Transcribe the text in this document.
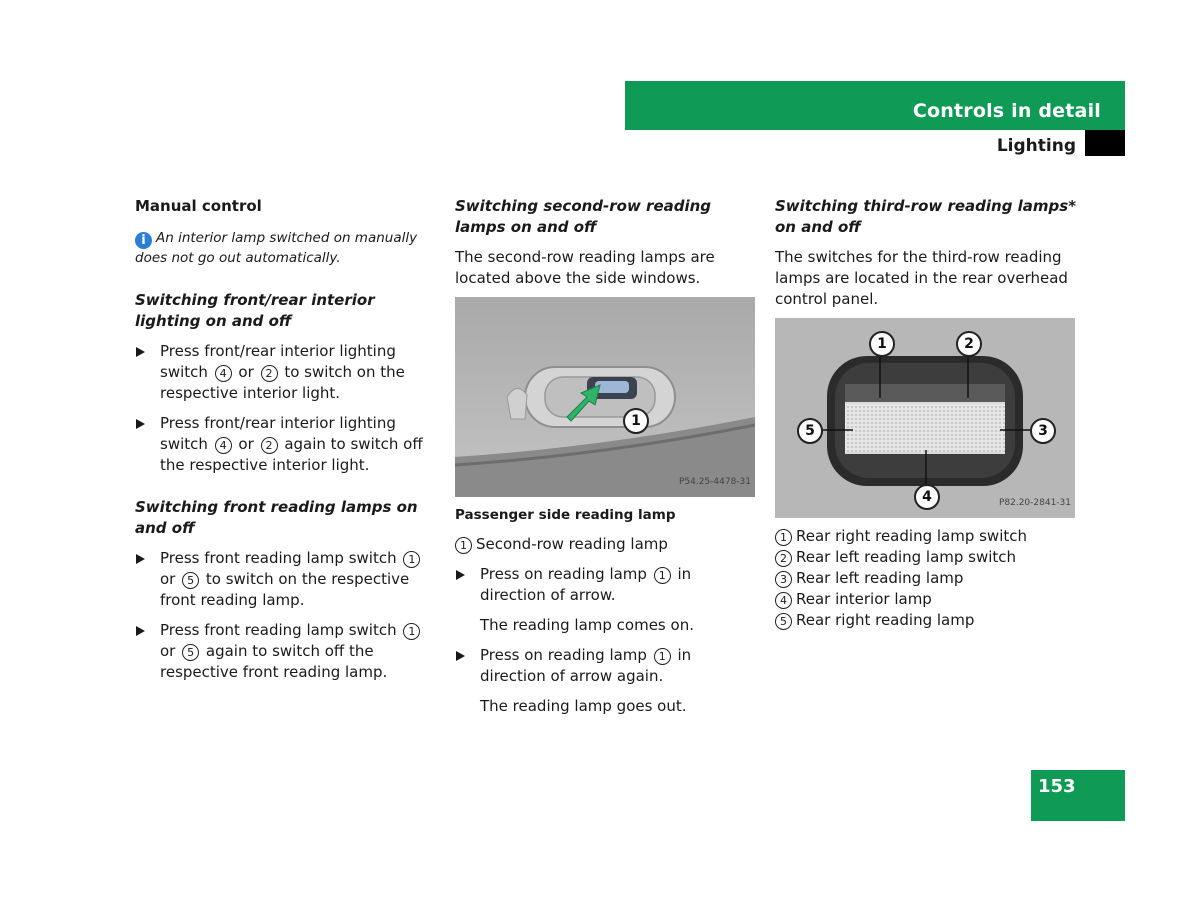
Controls in detail
Lighting

Manual control

i An interior lamp switched on manually does not go out automatically.

Switching front/rear interior lighting on and off

Press front/rear interior lighting switch 4 or 2 to switch on the respective interior light.
Press front/rear interior lighting switch 4 or 2 again to switch off the respective interior light.

Switching front reading lamps on and off

Press front reading lamp switch 1 or 5 to switch on the respective front reading lamp.
Press front reading lamp switch 1 or 5 again to switch off the respective front reading lamp.

Switching second-row reading lamps on and off

The second-row reading lamps are located above the side windows.

1
P54.25-4478-31

Passenger side reading lamp

1 Second-row reading lamp

Press on reading lamp 1 in direction of arrow.

The reading lamp comes on.

Press on reading lamp 1 in direction of arrow again.

The reading lamp goes out.

Switching third-row reading lamps* on and off

The switches for the third-row reading lamps are located in the rear overhead control panel.

1	2
3
4
5
P82.20-2841-31

1 Rear right reading lamp switch

2 Rear left reading lamp switch

3 Rear left reading lamp

4 Rear interior lamp

5 Rear right reading lamp

153
